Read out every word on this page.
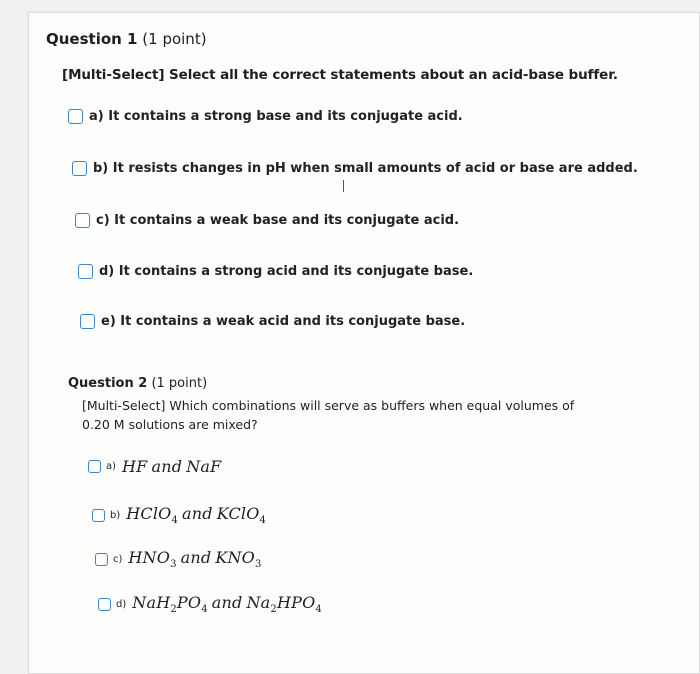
Question 1 (1 point)
[Multi-Select] Select all the correct statements about an acid-base buffer.
a) It contains a strong base and its conjugate acid.
b) It resists changes in pH when small amounts of acid or base are added.
c) It contains a weak base and its conjugate acid.
d) It contains a strong acid and its conjugate base.
e) It contains a weak acid and its conjugate base.
Question 2 (1 point)
[Multi-Select] Which combinations will serve as buffers when equal volumes of 0.20 M solutions are mixed?
a) HF and NaF
b) HClO$_4$ and KClO$_4$
c) $HNO_3$ and $KNO_3$
d) $NaH_2PO_4$ and $Na_2HPO_4$
